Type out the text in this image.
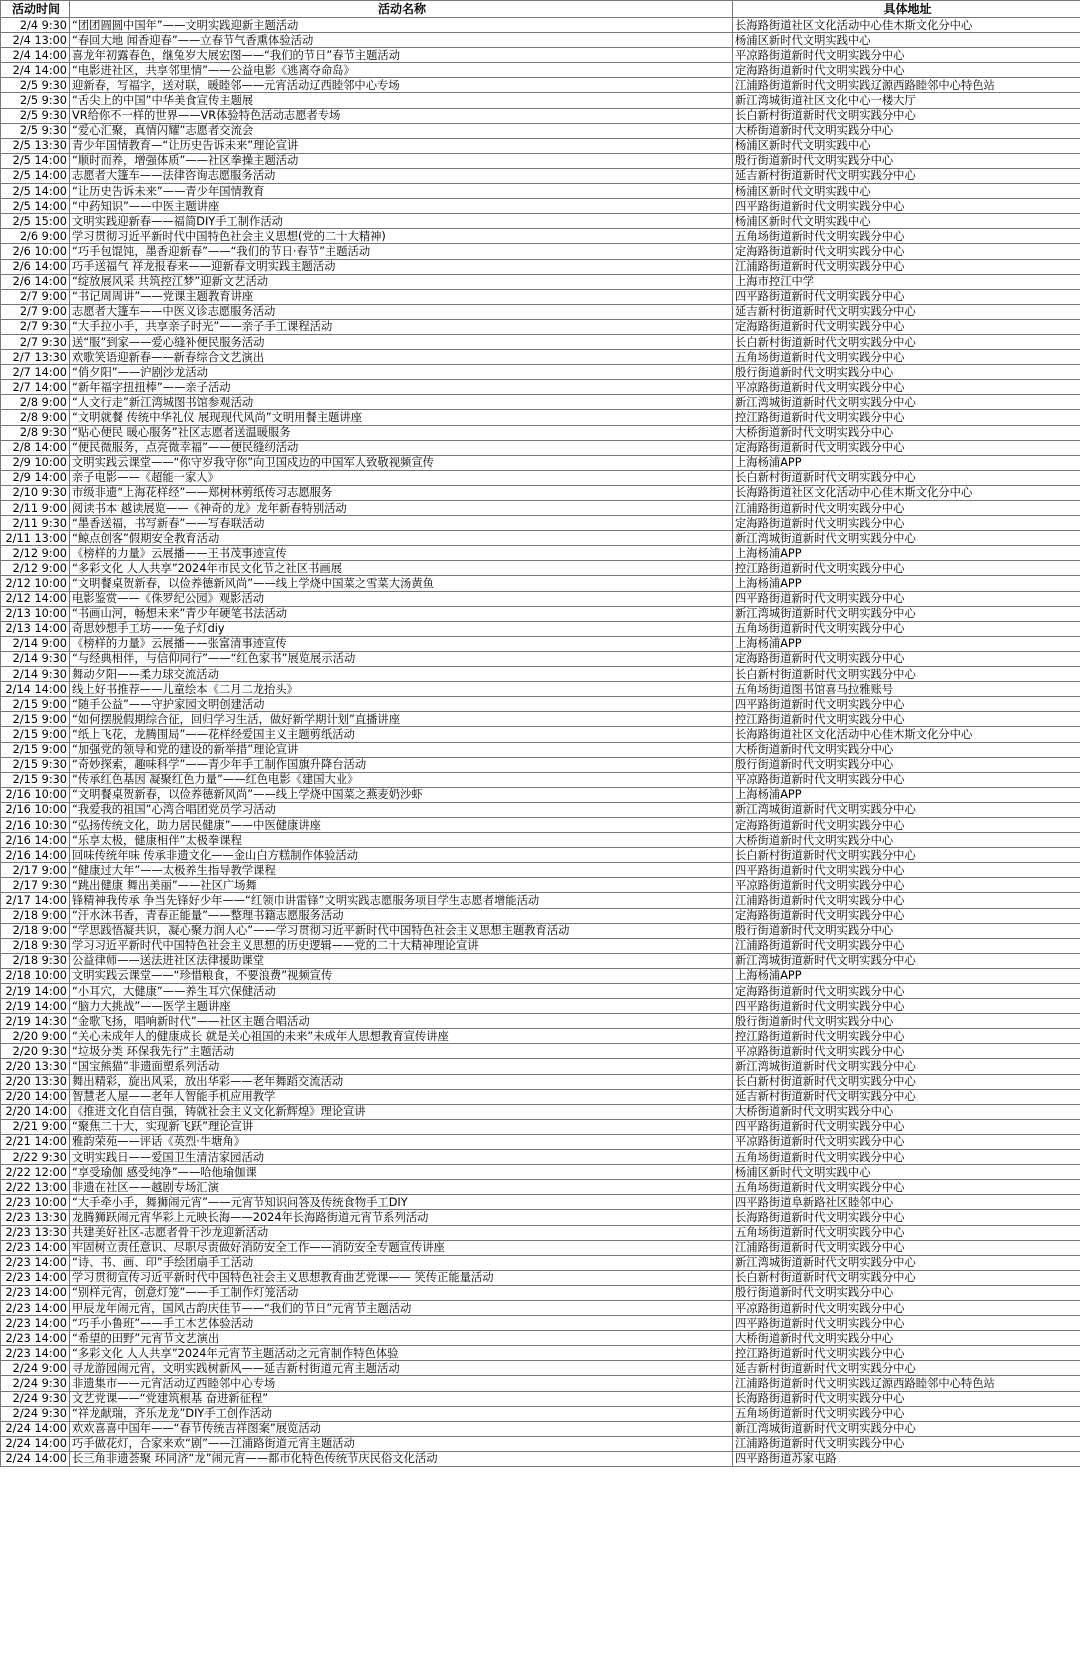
活动时间	活动名称	具体地址
2/4 9:30	“团团圆圆中国年”——文明实践迎新主题活动	长海路街道社区文化活动中心佳木斯文化分中心
2/4 13:00	“春回大地 闻香迎春”——立春节气香熏体验活动	杨浦区新时代文明实践中心
2/4 14:00	喜龙年初露春色，继兔岁大展宏图——“我们的节日”春节主题活动	平凉路街道新时代文明实践分中心
2/4 14:00	“电影进社区，共享邻里情”——公益电影《逃离夺命岛》	定海路街道新时代文明实践分中心
2/5 9:30	迎新春，写福字，送对联，暖睦邻——元宵活动辽西睦邻中心专场	江浦路街道新时代文明实践辽源西路睦邻中心特色站
2/5 9:30	“舌尖上的中国”中华美食宣传主题展	新江湾城街道社区文化中心一楼大厅
2/5 9:30	VR给你不一样的世界——VR体验特色活动志愿者专场	长白新村街道新时代文明实践分中心
2/5 9:30	“爱心汇聚，真情闪耀”志愿者交流会	大桥街道新时代文明实践分中心
2/5 13:30	青少年国情教育—“让历史告诉未来”理论宣讲	杨浦区新时代文明实践中心
2/5 14:00	“顺时而养，增强体质”——社区拳操主题活动	殷行街道新时代文明实践分中心
2/5 14:00	志愿者大篷车——法律咨询志愿服务活动	延吉新村街道新时代文明实践分中心
2/5 14:00	“让历史告诉未来”——青少年国情教育	杨浦区新时代文明实践中心
2/5 14:00	“中药知识”——中医主题讲座	四平路街道新时代文明实践分中心
2/5 15:00	文明实践迎新春——福简DIY手工制作活动	杨浦区新时代文明实践中心
2/6 9:00	学习贯彻习近平新时代中国特色社会主义思想(党的二十大精神)	五角场街道新时代文明实践分中心
2/6 10:00	“巧手包馄饨，墨香迎新春”——“我们的节日·春节”主题活动	定海路街道新时代文明实践分中心
2/6 14:00	巧手送福气 祥龙报春来——迎新春文明实践主题活动	江浦路街道新时代文明实践分中心
2/6 14:00	“绽放展风采 共筑控江梦”迎新文艺活动	上海市控江中学
2/7 9:00	“书记周周讲”——党课主题教育讲座	四平路街道新时代文明实践分中心
2/7 9:00	志愿者大篷车——中医义诊志愿服务活动	延吉新村街道新时代文明实践分中心
2/7 9:30	“大手拉小手，共享亲子时光”——亲子手工课程活动	定海路街道新时代文明实践分中心
2/7 9:30	送“服”到家——爱心缝补便民服务活动	长白新村街道新时代文明实践分中心
2/7 13:30	欢歌笑语迎新春——新春综合文艺演出	五角场街道新时代文明实践分中心
2/7 14:00	“俏夕阳”——沪剧沙龙活动	殷行街道新时代文明实践分中心
2/7 14:00	“新年福字扭扭棒”——亲子活动	平凉路街道新时代文明实践分中心
2/8 9:00	“人文行走”新江湾城图书馆参观活动	新江湾城街道新时代文明实践分中心
2/8 9:00	“文明就餐 传统中华礼仪 展现现代风尚”文明用餐主题讲座	控江路街道新时代文明实践分中心
2/8 9:30	“贴心便民 暖心服务”社区志愿者送温暖服务	大桥街道新时代文明实践分中心
2/8 14:00	“便民微服务，点亮微幸福”——便民缝纫活动	定海路街道新时代文明实践分中心
2/9 10:00	文明实践云课堂——“你守岁我守你”向卫国戍边的中国军人致敬视频宣传	上海杨浦APP
2/9 14:00	亲子电影——《超能一家人》	长白新村街道新时代文明实践分中心
2/10 9:30	市级非遗“上海花样经”——郑树林剪纸传习志愿服务	长海路街道社区文化活动中心佳木斯文化分中心
2/11 9:00	阅读书本 越读展览——《神奇的龙》龙年新春特别活动	江浦路街道新时代文明实践分中心
2/11 9:30	“墨香送福，书写新春”——写春联活动	定海路街道新时代文明实践分中心
2/11 13:00	“鲸点创客”假期安全教育活动	新江湾城街道新时代文明实践分中心
2/12 9:00	《榜样的力量》云展播——王书茂事迹宣传	上海杨浦APP
2/12 9:00	“多彩文化 人人共享”2024年市民文化节之社区书画展	控江路街道新时代文明实践分中心
2/12 10:00	“文明餐桌贺新春，以俭养德新风尚”——线上学烧中国菜之雪菜大汤黄鱼	上海杨浦APP
2/12 14:00	电影鉴赏——《侏罗纪公园》观影活动	四平路街道新时代文明实践分中心
2/13 10:00	“书画山河，畅想未来”青少年硬笔书法活动	新江湾城街道新时代文明实践分中心
2/13 14:00	奇思妙想手工坊——兔子灯diy	五角场街道新时代文明实践分中心
2/14 9:00	《榜样的力量》云展播——张富清事迹宣传	上海杨浦APP
2/14 9:30	“与经典相伴，与信仰同行”——“红色家书”展览展示活动	定海路街道新时代文明实践分中心
2/14 9:30	舞动夕阳——柔力球交流活动	长白新村街道新时代文明实践分中心
2/14 14:00	线上好书推荐——儿童绘本《二月二龙抬头》	五角场街道图书馆喜马拉雅账号
2/15 9:00	“随手公益”——守护家园文明创建活动	四平路街道新时代文明实践分中心
2/15 9:00	“如何摆脱假期综合征，回归学习生活，做好新学期计划”直播讲座	控江路街道新时代文明实践分中心
2/15 9:00	“纸上飞花，龙腾围局”——花样经爱国主义主题剪纸活动	长海路街道社区文化活动中心佳木斯文化分中心
2/15 9:00	“加强党的领导和党的建设的新举措”理论宣讲	大桥街道新时代文明实践分中心
2/15 9:30	“奇妙探索，趣味科学”——青少年手工制作国旗升降台活动	殷行街道新时代文明实践分中心
2/15 9:30	“传承红色基因 凝聚红色力量”——红色电影《建国大业》	平凉路街道新时代文明实践分中心
2/16 10:00	“文明餐桌贺新春，以俭养德新风尚”——线上学烧中国菜之燕麦奶沙虾	上海杨浦APP
2/16 10:00	“我爱我的祖国”心湾合唱团党员学习活动	新江湾城街道新时代文明实践分中心
2/16 10:30	“弘扬传统文化，助力居民健康”——中医健康讲座	定海路街道新时代文明实践分中心
2/16 14:00	“乐享太极，健康相伴”太极拳课程	大桥街道新时代文明实践分中心
2/16 14:00	回味传统年味 传承非遗文化——金山白方糕制作体验活动	长白新村街道新时代文明实践分中心
2/17 9:00	“健康过大年”——太极养生指导教学课程	四平路街道新时代文明实践分中心
2/17 9:30	“跳出健康 舞出美丽”——社区广场舞	平凉路街道新时代文明实践分中心
2/17 14:00	锋精神我传承 争当先锋好少年——“红领巾讲雷锋”文明实践志愿服务项目学生志愿者增能活动	江浦路街道新时代文明实践分中心
2/18 9:00	“汗水沐书香，青春正能量”——整理书籍志愿服务活动	定海路街道新时代文明实践分中心
2/18 9:00	“学思践悟凝共识，凝心聚力润人心”——学习贯彻习近平新时代中国特色社会主义思想主题教育活动	殷行街道新时代文明实践分中心
2/18 9:30	学习习近平新时代中国特色社会主义思想的历史逻辑——党的二十大精神理论宣讲	江浦路街道新时代文明实践分中心
2/18 9:30	公益律师——送法进社区法律援助课堂	新江湾城街道新时代文明实践分中心
2/18 10:00	文明实践云课堂——“珍惜粮食，不要浪费”视频宣传	上海杨浦APP
2/19 14:00	“小耳穴，大健康”——养生耳穴保健活动	定海路街道新时代文明实践分中心
2/19 14:00	“脑力大挑战”——医学主题讲座	四平路街道新时代文明实践分中心
2/19 14:30	“金歌飞扬，唱响新时代”——社区主题合唱活动	殷行街道新时代文明实践分中心
2/20 9:00	“关心未成年人的健康成长 就是关心祖国的未来”未成年人思想教育宣传讲座	控江路街道新时代文明实践分中心
2/20 9:30	“垃圾分类 环保我先行”主题活动	平凉路街道新时代文明实践分中心
2/20 13:30	“国宝熊猫”非遗面塑系列活动	新江湾城街道新时代文明实践分中心
2/20 13:30	舞出精彩，旋出风采，放出华彩——老年舞蹈交流活动	长白新村街道新时代文明实践分中心
2/20 14:00	智慧老人屋——老年人智能手机应用教学	延吉新村街道新时代文明实践分中心
2/20 14:00	《推进文化自信自强，铸就社会主义文化新辉煌》理论宣讲	大桥街道新时代文明实践分中心
2/21 9:00	“聚焦二十大，实现新飞跃”理论宣讲	四平路街道新时代文明实践分中心
2/21 14:00	雅韵荣苑——评话《英烈·牛塘角》	平凉路街道新时代文明实践分中心
2/22 9:30	文明实践日——爱国卫生清洁家园活动	五角场街道新时代文明实践分中心
2/22 12:00	“享受瑜伽 感受纯净”——哈他瑜伽课	杨浦区新时代文明实践中心
2/22 13:00	非遗在社区——越剧专场汇演	五角场街道新时代文明实践分中心
2/23 10:00	“大手牵小手，舞狮闹元宵”——元宵节知识问答及传统食物手工DIY	四平路街道阜新路社区睦邻中心
2/23 13:30	龙腾狮跃闹元宵华彩上元映长海——2024年长海路街道元宵节系列活动	长海路街道新时代文明实践分中心
2/23 13:30	共建美好社区-志愿者骨干沙龙迎新活动	五角场街道新时代文明实践分中心
2/23 14:00	牢固树立责任意识、尽职尽责做好消防安全工作——消防安全专题宣传讲座	江浦路街道新时代文明实践分中心
2/23 14:00	“诗、书、画、印”手绘团扇手工活动	新江湾城街道新时代文明实践分中心
2/23 14:00	学习贯彻宣传习近平新时代中国特色社会主义思想教育曲艺党课—— 笑传正能量活动	长白新村街道新时代文明实践分中心
2/23 14:00	“别样元宵，创意灯笼”——手工制作灯笼活动	殷行街道新时代文明实践分中心
2/23 14:00	甲辰龙年闹元宵，国风古韵庆佳节——“我们的节日”元宵节主题活动	平凉路街道新时代文明实践分中心
2/23 14:00	“巧手小鲁班”——手工木艺体验活动	四平路街道新时代文明实践分中心
2/23 14:00	“希望的田野”元宵节文艺演出	大桥街道新时代文明实践分中心
2/23 14:00	“多彩文化 人人共享”2024年元宵节主题活动之元宵制作特色体验	控江路街道新时代文明实践分中心
2/24 9:00	寻龙游园闹元宵，文明实践树新风——延吉新村街道元宵主题活动	延吉新村街道新时代文明实践分中心
2/24 9:30	非遗集市——元宵活动辽西睦邻中心专场	江浦路街道新时代文明实践辽源西路睦邻中心特色站
2/24 9:30	文艺党课——“党建筑根基 奋进新征程”	长海路街道新时代文明实践分中心
2/24 9:30	“祥龙献瑞，齐乐龙龙”DIY手工创作活动	五角场街道新时代文明实践分中心
2/24 14:00	欢欢喜喜中国年——“春节传统吉祥图案”展览活动	新江湾城街道新时代文明实践分中心
2/24 14:00	巧手做花灯，合家来欢“剧”——江浦路街道元宵主题活动	江浦路街道新时代文明实践分中心
2/24 14:00	长三角非遗荟聚 环同济“龙”闹元宵——都市化特色传统节庆民俗文化活动	四平路街道苏家屯路
